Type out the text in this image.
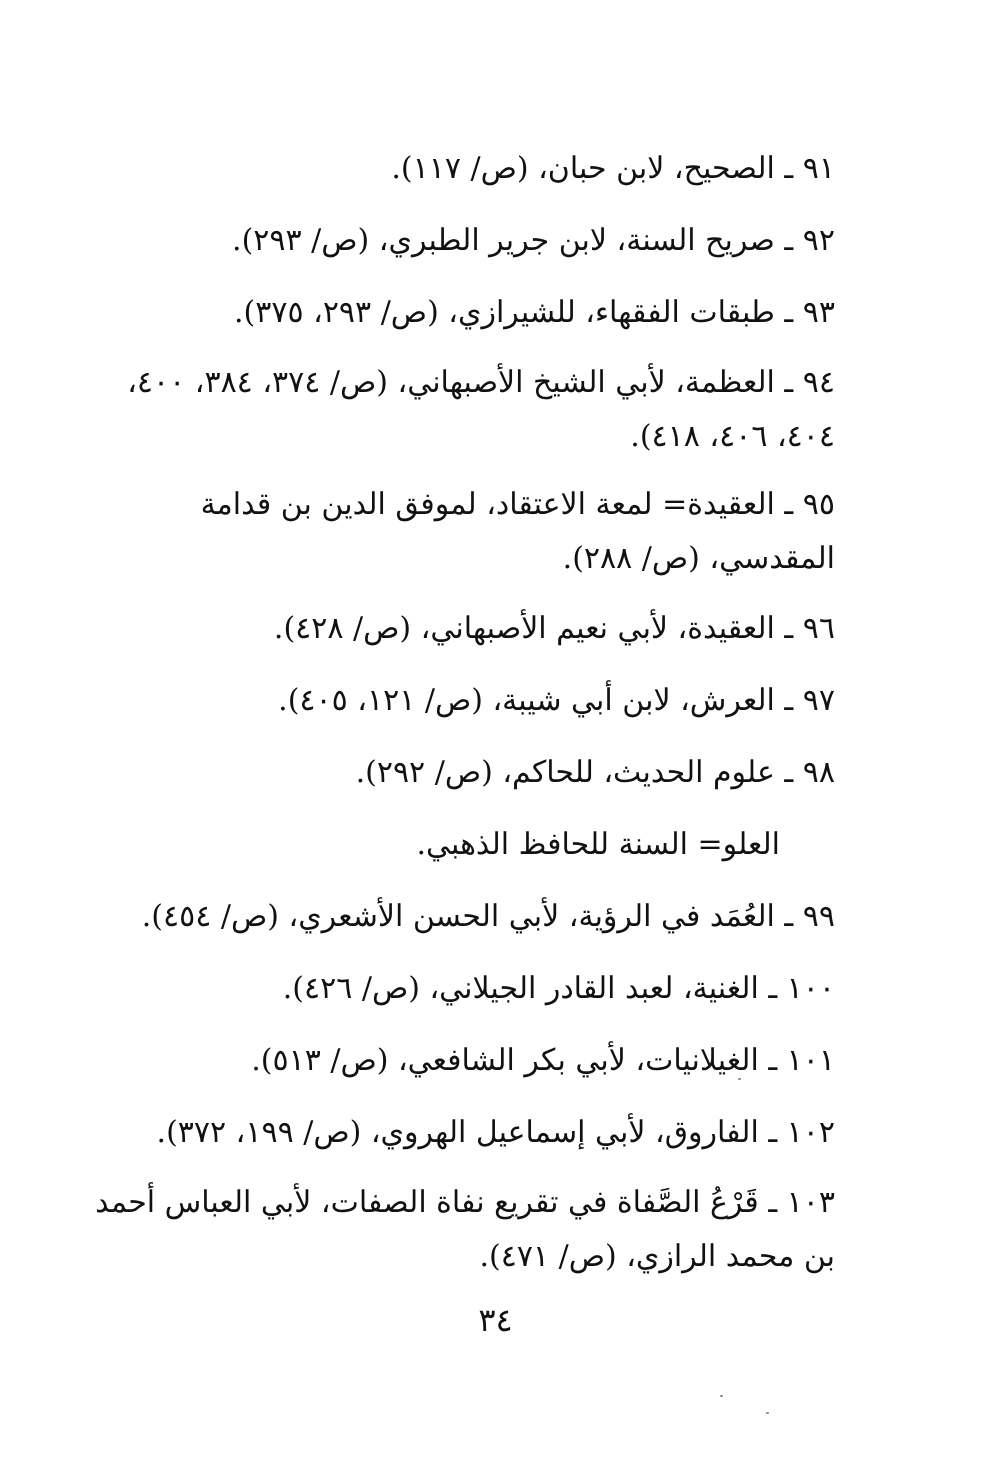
٩١ ـ الصحيح، لابن حبان، (ص/ ١١٧).
٩٢ ـ صريح السنة، لابن جرير الطبري، (ص/ ٢٩٣).
٩٣ ـ طبقات الفقهاء، للشيرازي، (ص/ ٢٩٣، ٣٧٥).
٩٤ ـ العظمة، لأبي الشيخ الأصبهاني، (ص/ ٣٧٤، ٣٨٤، ٤٠٠، ٤٠٤، ٤٠٦، ٤١٨).
٩٥ ـ العقيدة= لمعة الاعتقاد، لموفق الدين بن قدامة المقدسي، (ص/ ٢٨٨).
٩٦ ـ العقيدة، لأبي نعيم الأصبهاني، (ص/ ٤٢٨).
٩٧ ـ العرش، لابن أبي شيبة، (ص/ ١٢١، ٤٠٥).
٩٨ ـ علوم الحديث، للحاكم، (ص/ ٢٩٢).
العلو= السنة للحافظ الذهبي.
٩٩ ـ العُمَد في الرؤية، لأبي الحسن الأشعري، (ص/ ٤٥٤).
١٠٠ ـ الغنية، لعبد القادر الجيلاني، (ص/ ٤٢٦).
١٠١ ـ الغيلانيات، لأبي بكر الشافعي، (ص/ ٥١٣).
١٠٢ ـ الفاروق، لأبي إسماعيل الهروي، (ص/ ١٩٩، ٣٧٢).
١٠٣ ـ قَرْعُ الصَّفاة في تقريع نفاة الصفات، لأبي العباس أحمد بن محمد الرازي، (ص/ ٤٧١).
٣٤
